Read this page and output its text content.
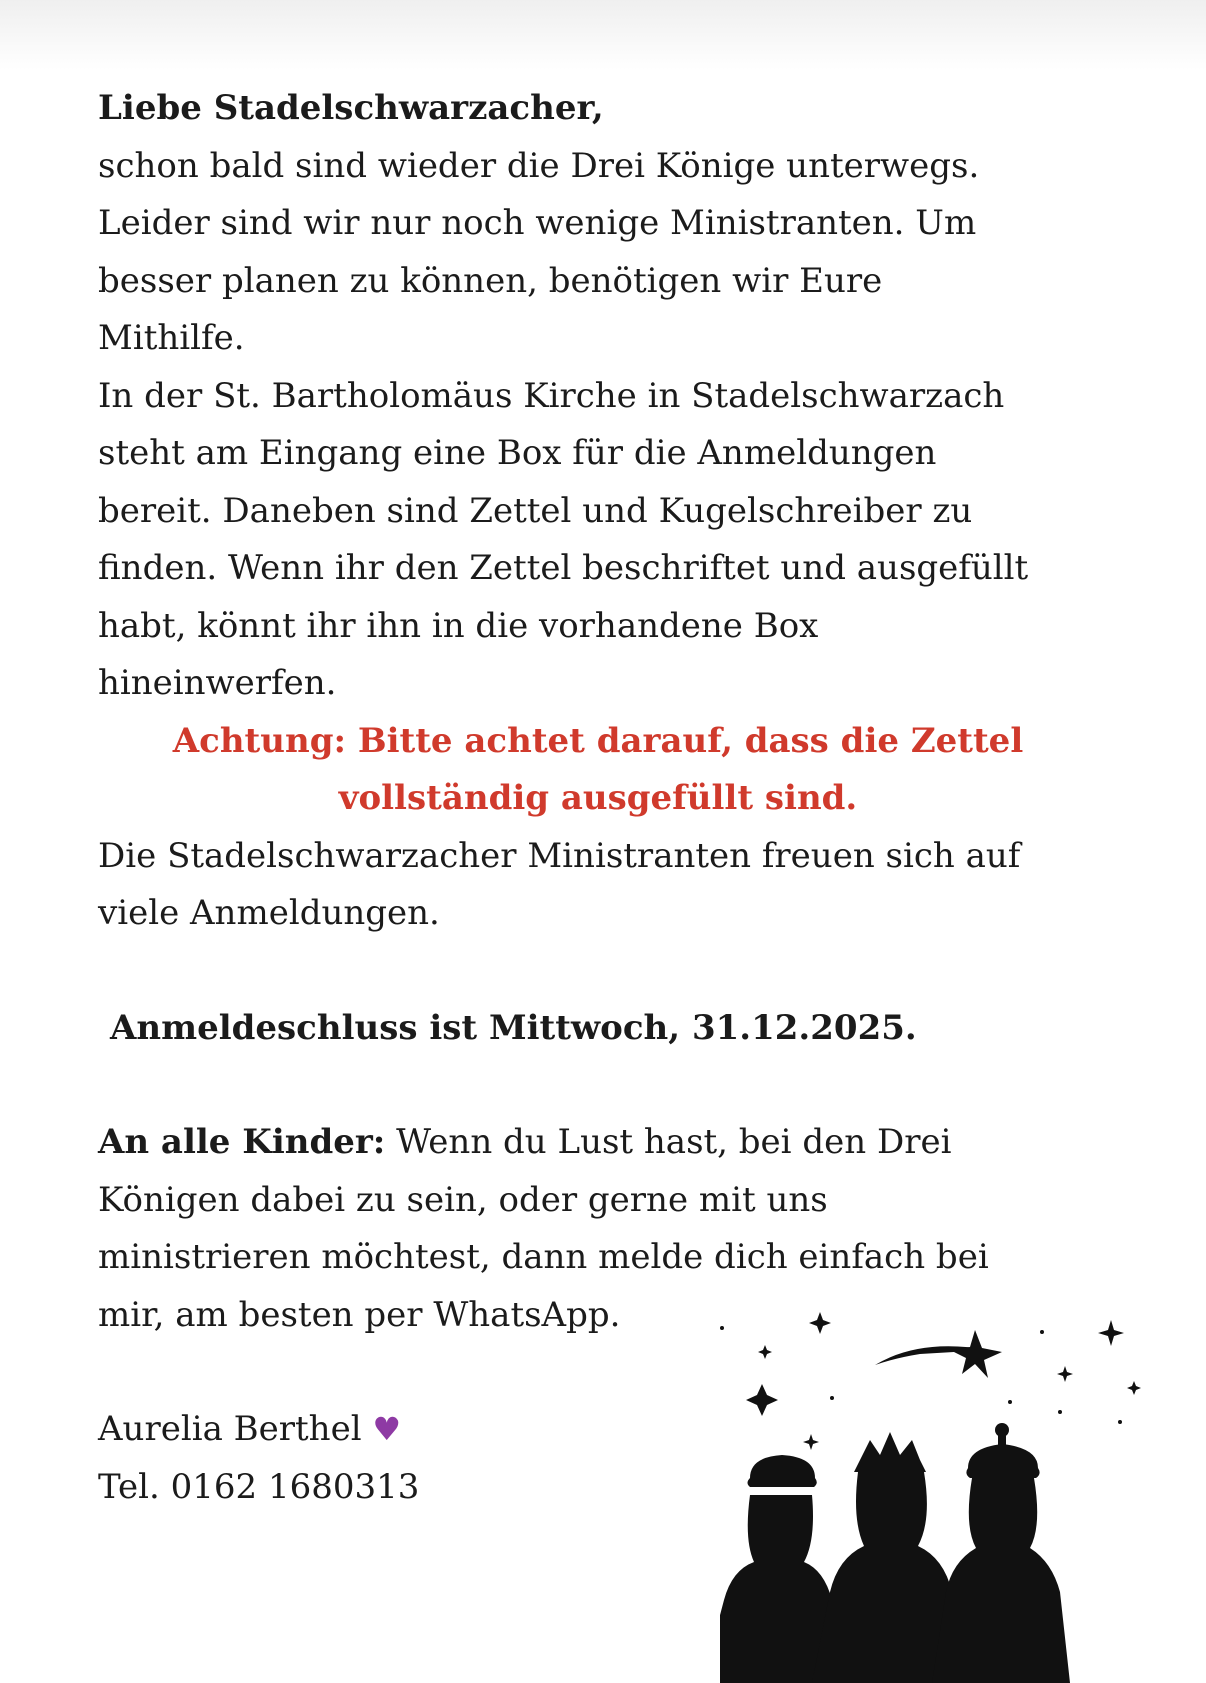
Liebe Stadelschwarzacher,

schon bald sind wieder die Drei Könige unterwegs.
Leider sind wir nur noch wenige Ministranten. Um
besser planen zu können, benötigen wir Eure
Mithilfe.
In der St. Bartholomäus Kirche in Stadelschwarzach
steht am Eingang eine Box für die Anmeldungen
bereit. Daneben sind Zettel und Kugelschreiber zu
finden. Wenn ihr den Zettel beschriftet und ausgefüllt
habt, könnt ihr ihn in die vorhandene Box
hineinwerfen.

Achtung: Bitte achtet darauf, dass die Zettel
vollständig ausgefüllt sind.

Die Stadelschwarzacher Ministranten freuen sich auf
viele Anmeldungen.

Anmeldeschluss ist Mittwoch, 31.12.2025.

An alle Kinder: Wenn du Lust hast, bei den Drei
Königen dabei zu sein, oder gerne mit uns
ministrieren möchtest, dann melde dich einfach bei
mir, am besten per WhatsApp.

Aurelia Berthel ♥
Tel. 0162 1680313
